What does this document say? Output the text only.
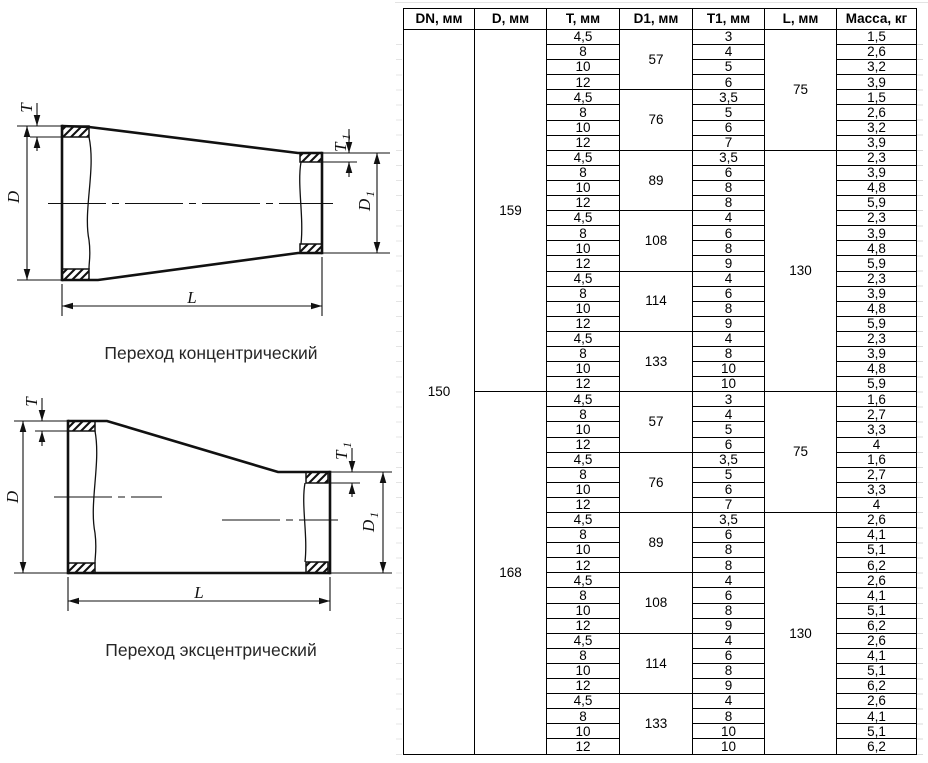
D
T
T
1
D
1
L
D
T
T
1
D
1
L
Переход концентрический
Переход эксцентрический
DN, мм	D, мм	T, мм	D1, мм	T1, мм	L, мм	Масса, кг
150	159	4,5	57	3	75	1,5
		8		4		2,6
		10		5		3,2
		12		6		3,9
		4,5	76	3,5		1,5
		8		5		2,6
		10		6		3,2
		12		7		3,9
		4,5	89	3,5	130	2,3
		8		6		3,9
		10		8		4,8
		12		8		5,9
		4,5	108	4		2,3
		8		6		3,9
		10		8		4,8
		12		9		5,9
		4,5	114	4		2,3
		8		6		3,9
		10		8		4,8
		12		9		5,9
		4,5	133	4		2,3
		8		8		3,9
		10		10		4,8
		12		10		5,9
	168	4,5	57	3	75	1,6
		8		4		2,7
		10		5		3,3
		12		6		4
		4,5	76	3,5		1,6
		8		5		2,7
		10		6		3,3
		12		7		4
		4,5	89	3,5	130	2,6
		8		6		4,1
		10		8		5,1
		12		8		6,2
		4,5	108	4		2,6
		8		6		4,1
		10		8		5,1
		12		9		6,2
		4,5	114	4		2,6
		8		6		4,1
		10		8		5,1
		12		9		6,2
		4,5	133	4		2,6
		8		8		4,1
		10		10		5,1
		12		10		6,2
